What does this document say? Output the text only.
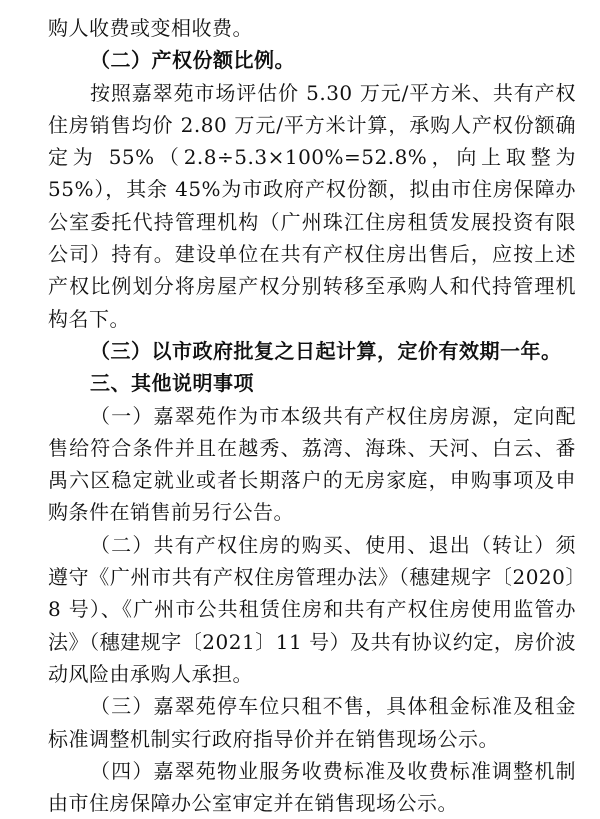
购人收费或变相收费。

（二）产权份额比例。

按照嘉翠苑市场评估价 5.30 万元/平方米、共有产权住房销售均价 2.80 万元/平方米计算，承购人产权份额确定为 55%（2.8÷5.3×100%=52.8%，向上取整为 55%），其余 45%为市政府产权份额，拟由市住房保障办公室委托代持管理机构（广州珠江住房租赁发展投资有限公司）持有。建设单位在共有产权住房出售后，应按上述产权比例划分将房屋产权分别转移至承购人和代持管理机构名下。

（三）以市政府批复之日起计算，定价有效期一年。

三、其他说明事项

（一）嘉翠苑作为市本级共有产权住房房源，定向配售给符合条件并且在越秀、荔湾、海珠、天河、白云、番禺六区稳定就业或者长期落户的无房家庭，申购事项及申购条件在销售前另行公告。

（二）共有产权住房的购买、使用、退出（转让）须遵守《广州市共有产权住房管理办法》（穗建规字〔2020〕8 号）、《广州市公共租赁住房和共有产权住房使用监管办法》（穗建规字〔2021〕11 号）及共有协议约定，房价波动风险由承购人承担。

（三）嘉翠苑停车位只租不售，具体租金标准及租金标准调整机制实行政府指导价并在销售现场公示。

（四）嘉翠苑物业服务收费标准及收费标准调整机制由市住房保障办公室审定并在销售现场公示。
